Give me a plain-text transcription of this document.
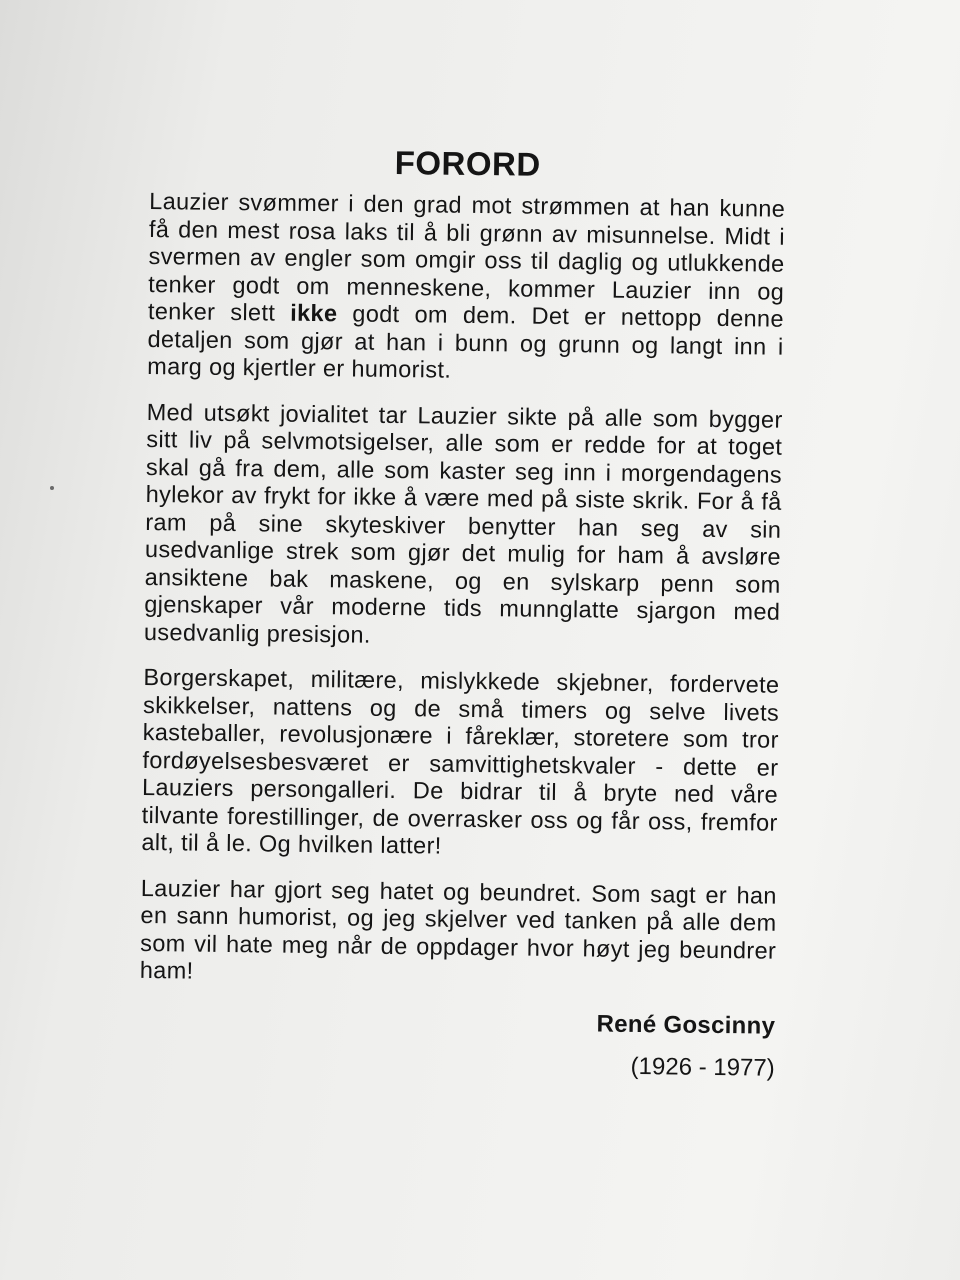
FORORD

Lauzier svømmer i den grad mot strømmen at han kunne få den mest rosa laks til å bli grønn av misunnelse. Midt i svermen av engler som omgir oss til daglig og utlukkende tenker godt om menneskene, kommer Lauzier inn og tenker slett ikke godt om dem. Det er nettopp denne detaljen som gjør at han i bunn og grunn og langt inn i marg og kjertler er humorist.

Med utsøkt jovialitet tar Lauzier sikte på alle som bygger sitt liv på selvmotsigelser, alle som er redde for at toget skal gå fra dem, alle som kaster seg inn i morgendagens hylekor av frykt for ikke å være med på siste skrik. For å få ram på sine skyteskiver benytter han seg av sin usedvanlige strek som gjør det mulig for ham å avsløre ansiktene bak maskene, og en sylskarp penn som gjenskaper vår moderne tids munnglatte sjargon med usedvanlig presisjon.

Borgerskapet, militære, mislykkede skjebner, fordervete skikkelser, nattens og de små timers og selve livets kasteballer, revolusjonære i fåreklær, storetere som tror fordøyelsesbesværet er samvittighetskvaler - dette er Lauziers persongalleri. De bidrar til å bryte ned våre tilvante forestillinger, de overrasker oss og får oss, fremfor alt, til å le. Og hvilken latter!

Lauzier har gjort seg hatet og beundret. Som sagt er han en sann humorist, og jeg skjelver ved tanken på alle dem som vil hate meg når de oppdager hvor høyt jeg beundrer ham!

René Goscinny
(1926 - 1977)
